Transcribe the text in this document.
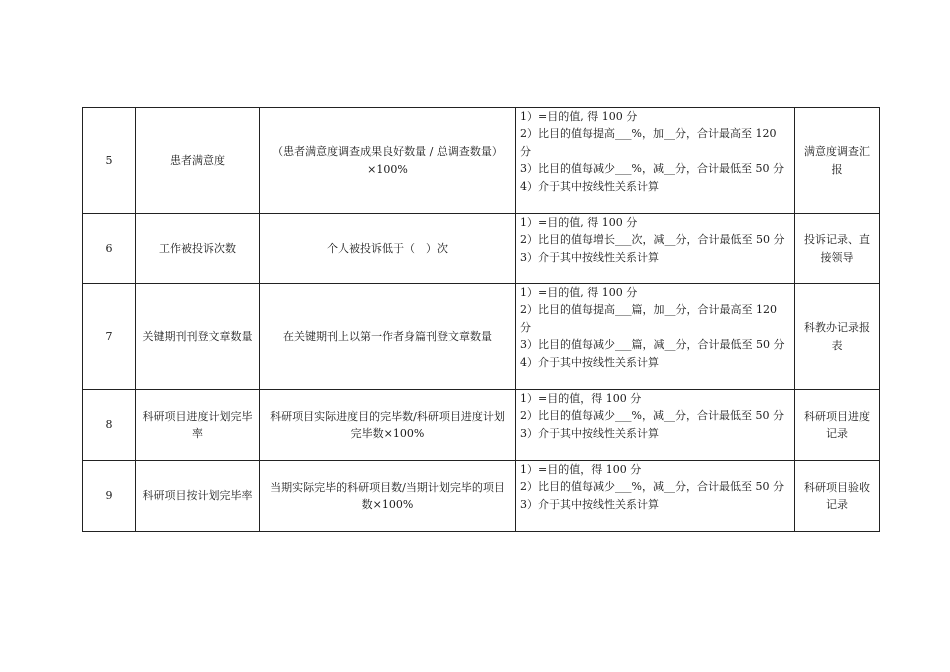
5	患者满意度	（患者满意度调查成果良好数量 / 总调查数量）×100%	1）=目的值, 得 100 分
2）比目的值每提高___%，加__分，合计最高至 120 分
3）比目的值每减少___%，减__分，合计最低至 50 分
4）介于其中按线性关系计算	满意度调查汇报
6	工作被投诉次数	个人被投诉低于（　）次	1）=目的值, 得 100 分
2）比目的值每增长___次，减__分，合计最低至 50 分
3）介于其中按线性关系计算	投诉记录、直接领导
7	关键期刊刊登文章数量	在关键期刊上以第一作者身篇刊登文章数量	1）=目的值, 得 100 分
2）比目的值每提高___篇，加__分，合计最高至 120 分
3）比目的值每减少___篇，减__分，合计最低至 50 分
4）介于其中按线性关系计算	科教办记录报表
8	科研项目进度计划完毕率	科研项目实际进度目的完毕数/科研项目进度计划完毕数×100%	1）=目的值，得 100 分
2）比目的值每减少___%，减__分，合计最低至 50 分
3）介于其中按线性关系计算	科研项目进度记录
9	科研项目按计划完毕率	当期实际完毕的科研项目数/当期计划完毕的项目数×100%	1）=目的值，得 100 分
2）比目的值每减少___%，减__分，合计最低至 50 分
3）介于其中按线性关系计算	科研项目验收记录
